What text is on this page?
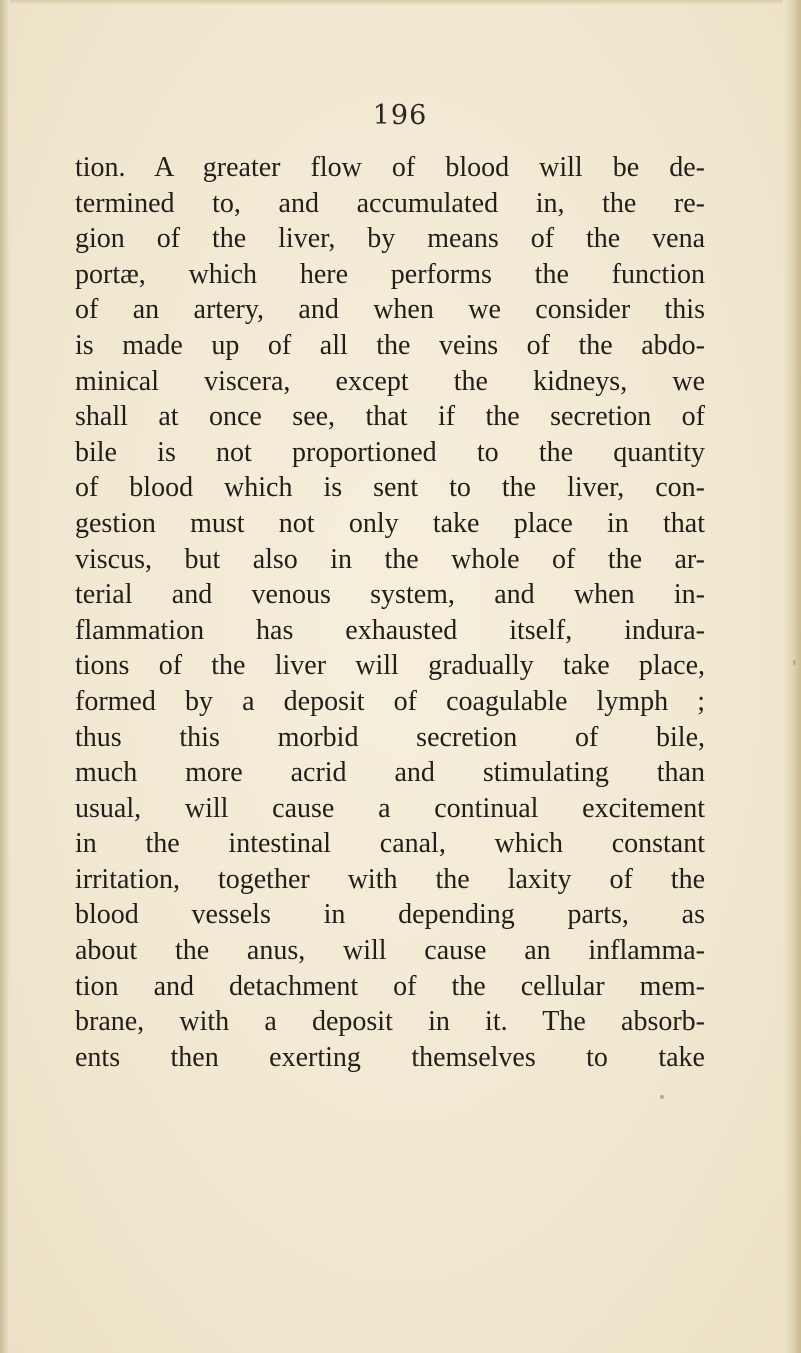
196
tion. A greater flow of blood will be de-
termined to, and accumulated in, the re-
gion of the liver, by means of the vena
portæ, which here performs the function
of an artery, and when we consider this
is made up of all the veins of the abdo-
minical viscera, except the kidneys, we
shall at once see, that if the secretion of
bile is not proportioned to the quantity
of blood which is sent to the liver, con-
gestion must not only take place in that
viscus, but also in the whole of the ar-
terial and venous system, and when in-
flammation has exhausted itself, indura-
tions of the liver will gradually take place,
formed by a deposit of coagulable lymph ;
thus this morbid secretion of bile,
much more acrid and stimulating than
usual, will cause a continual excitement
in the intestinal canal, which constant
irritation, together with the laxity of the
blood vessels in depending parts, as
about the anus, will cause an inflamma-
tion and detachment of the cellular mem-
brane, with a deposit in it. The absorb-
ents then exerting themselves to take
